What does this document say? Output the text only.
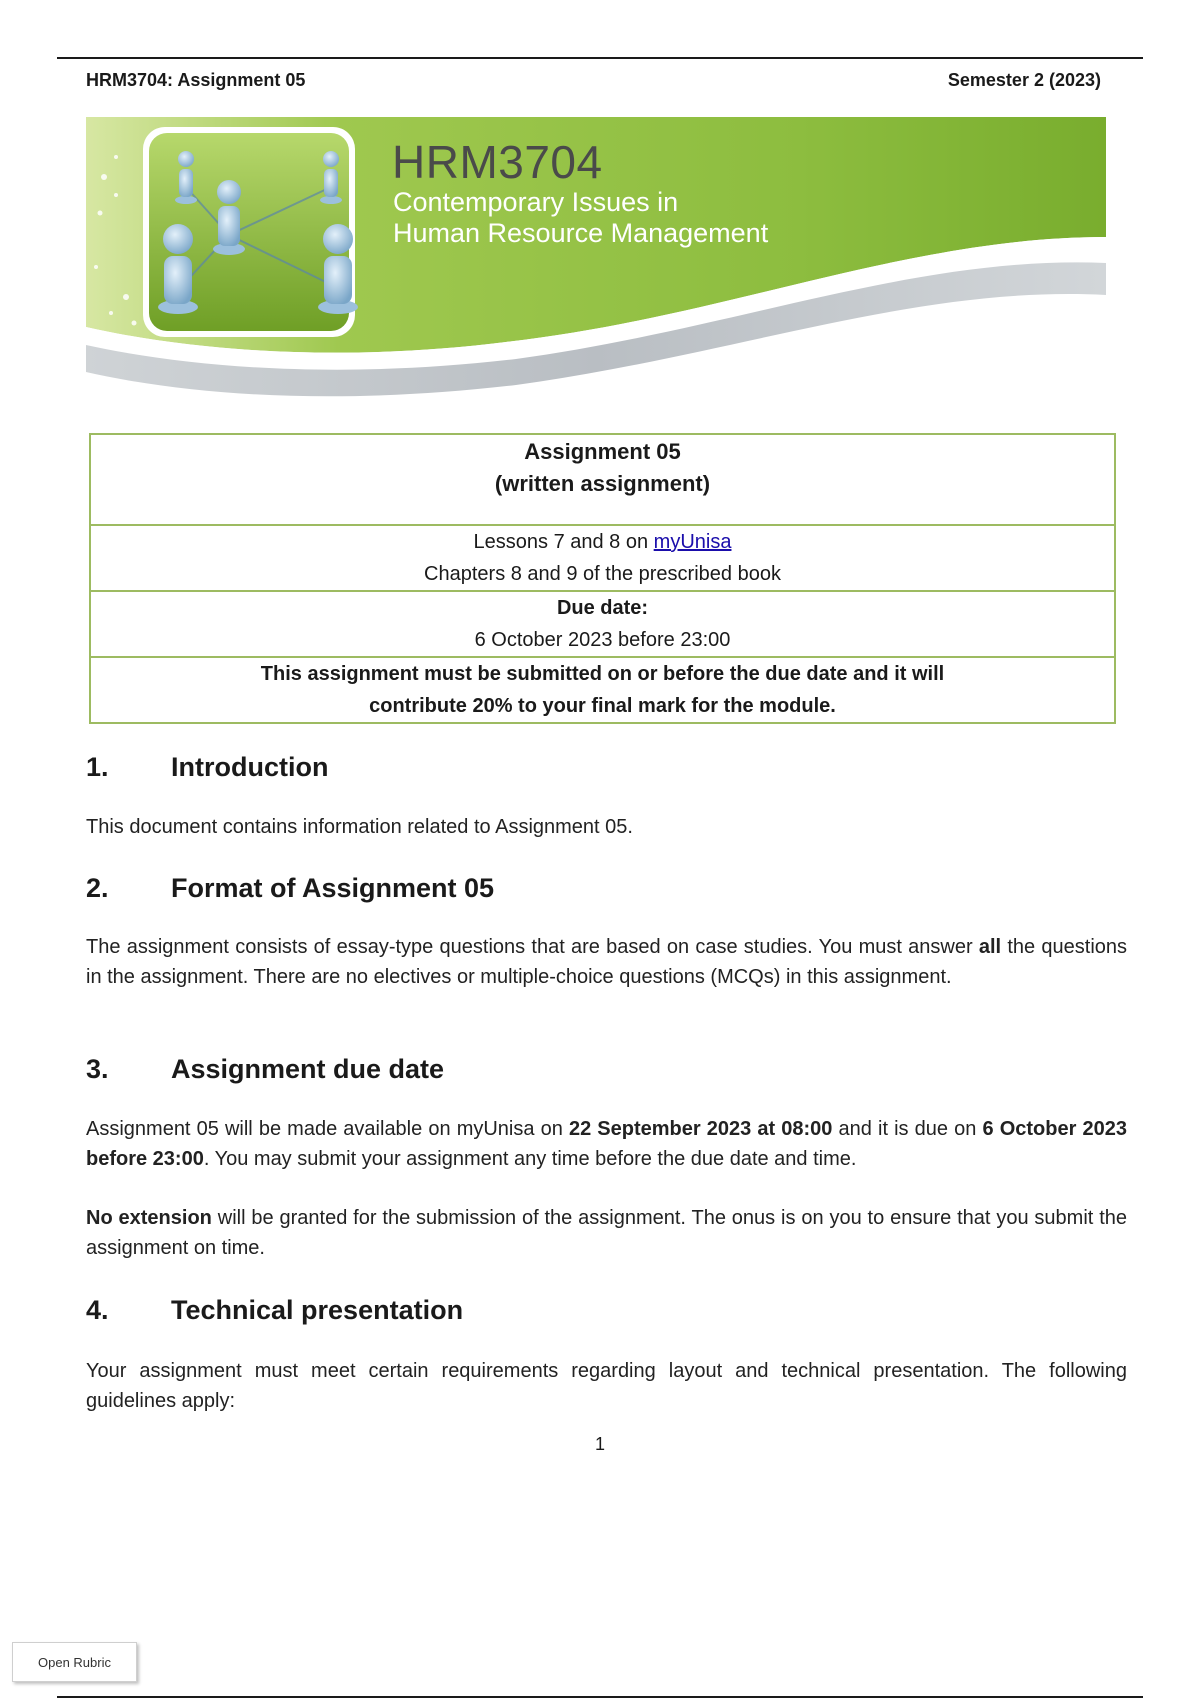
HRM3704: Assignment 05	Semester 2 (2023)
HRM3704
Contemporary Issues in
Human Resource Management
Assignment 05
(written assignment)

Lessons 7 and 8 on myUnisa
Chapters 8 and 9 of the prescribed book

Due date:
6 October 2023 before 23:00

This assignment must be submitted on or before the due date and it will
contribute 20% to your final mark for the module.
1.	Introduction
This document contains information related to Assignment 05.
2.	Format of Assignment 05
The assignment consists of essay-type questions that are based on case studies. You must answer all the questions in the assignment. There are no electives or multiple-choice questions (MCQs) in this assignment.
3.	Assignment due date
Assignment 05 will be made available on myUnisa on 22 September 2023 at 08:00 and it is due on 6 October 2023 before 23:00. You may submit your assignment any time before the due date and time.
No extension will be granted for the submission of the assignment. The onus is on you to ensure that you submit the assignment on time.
4.	Technical presentation
Your assignment must meet certain requirements regarding layout and technical presentation. The following guidelines apply:
1
Open Rubric
